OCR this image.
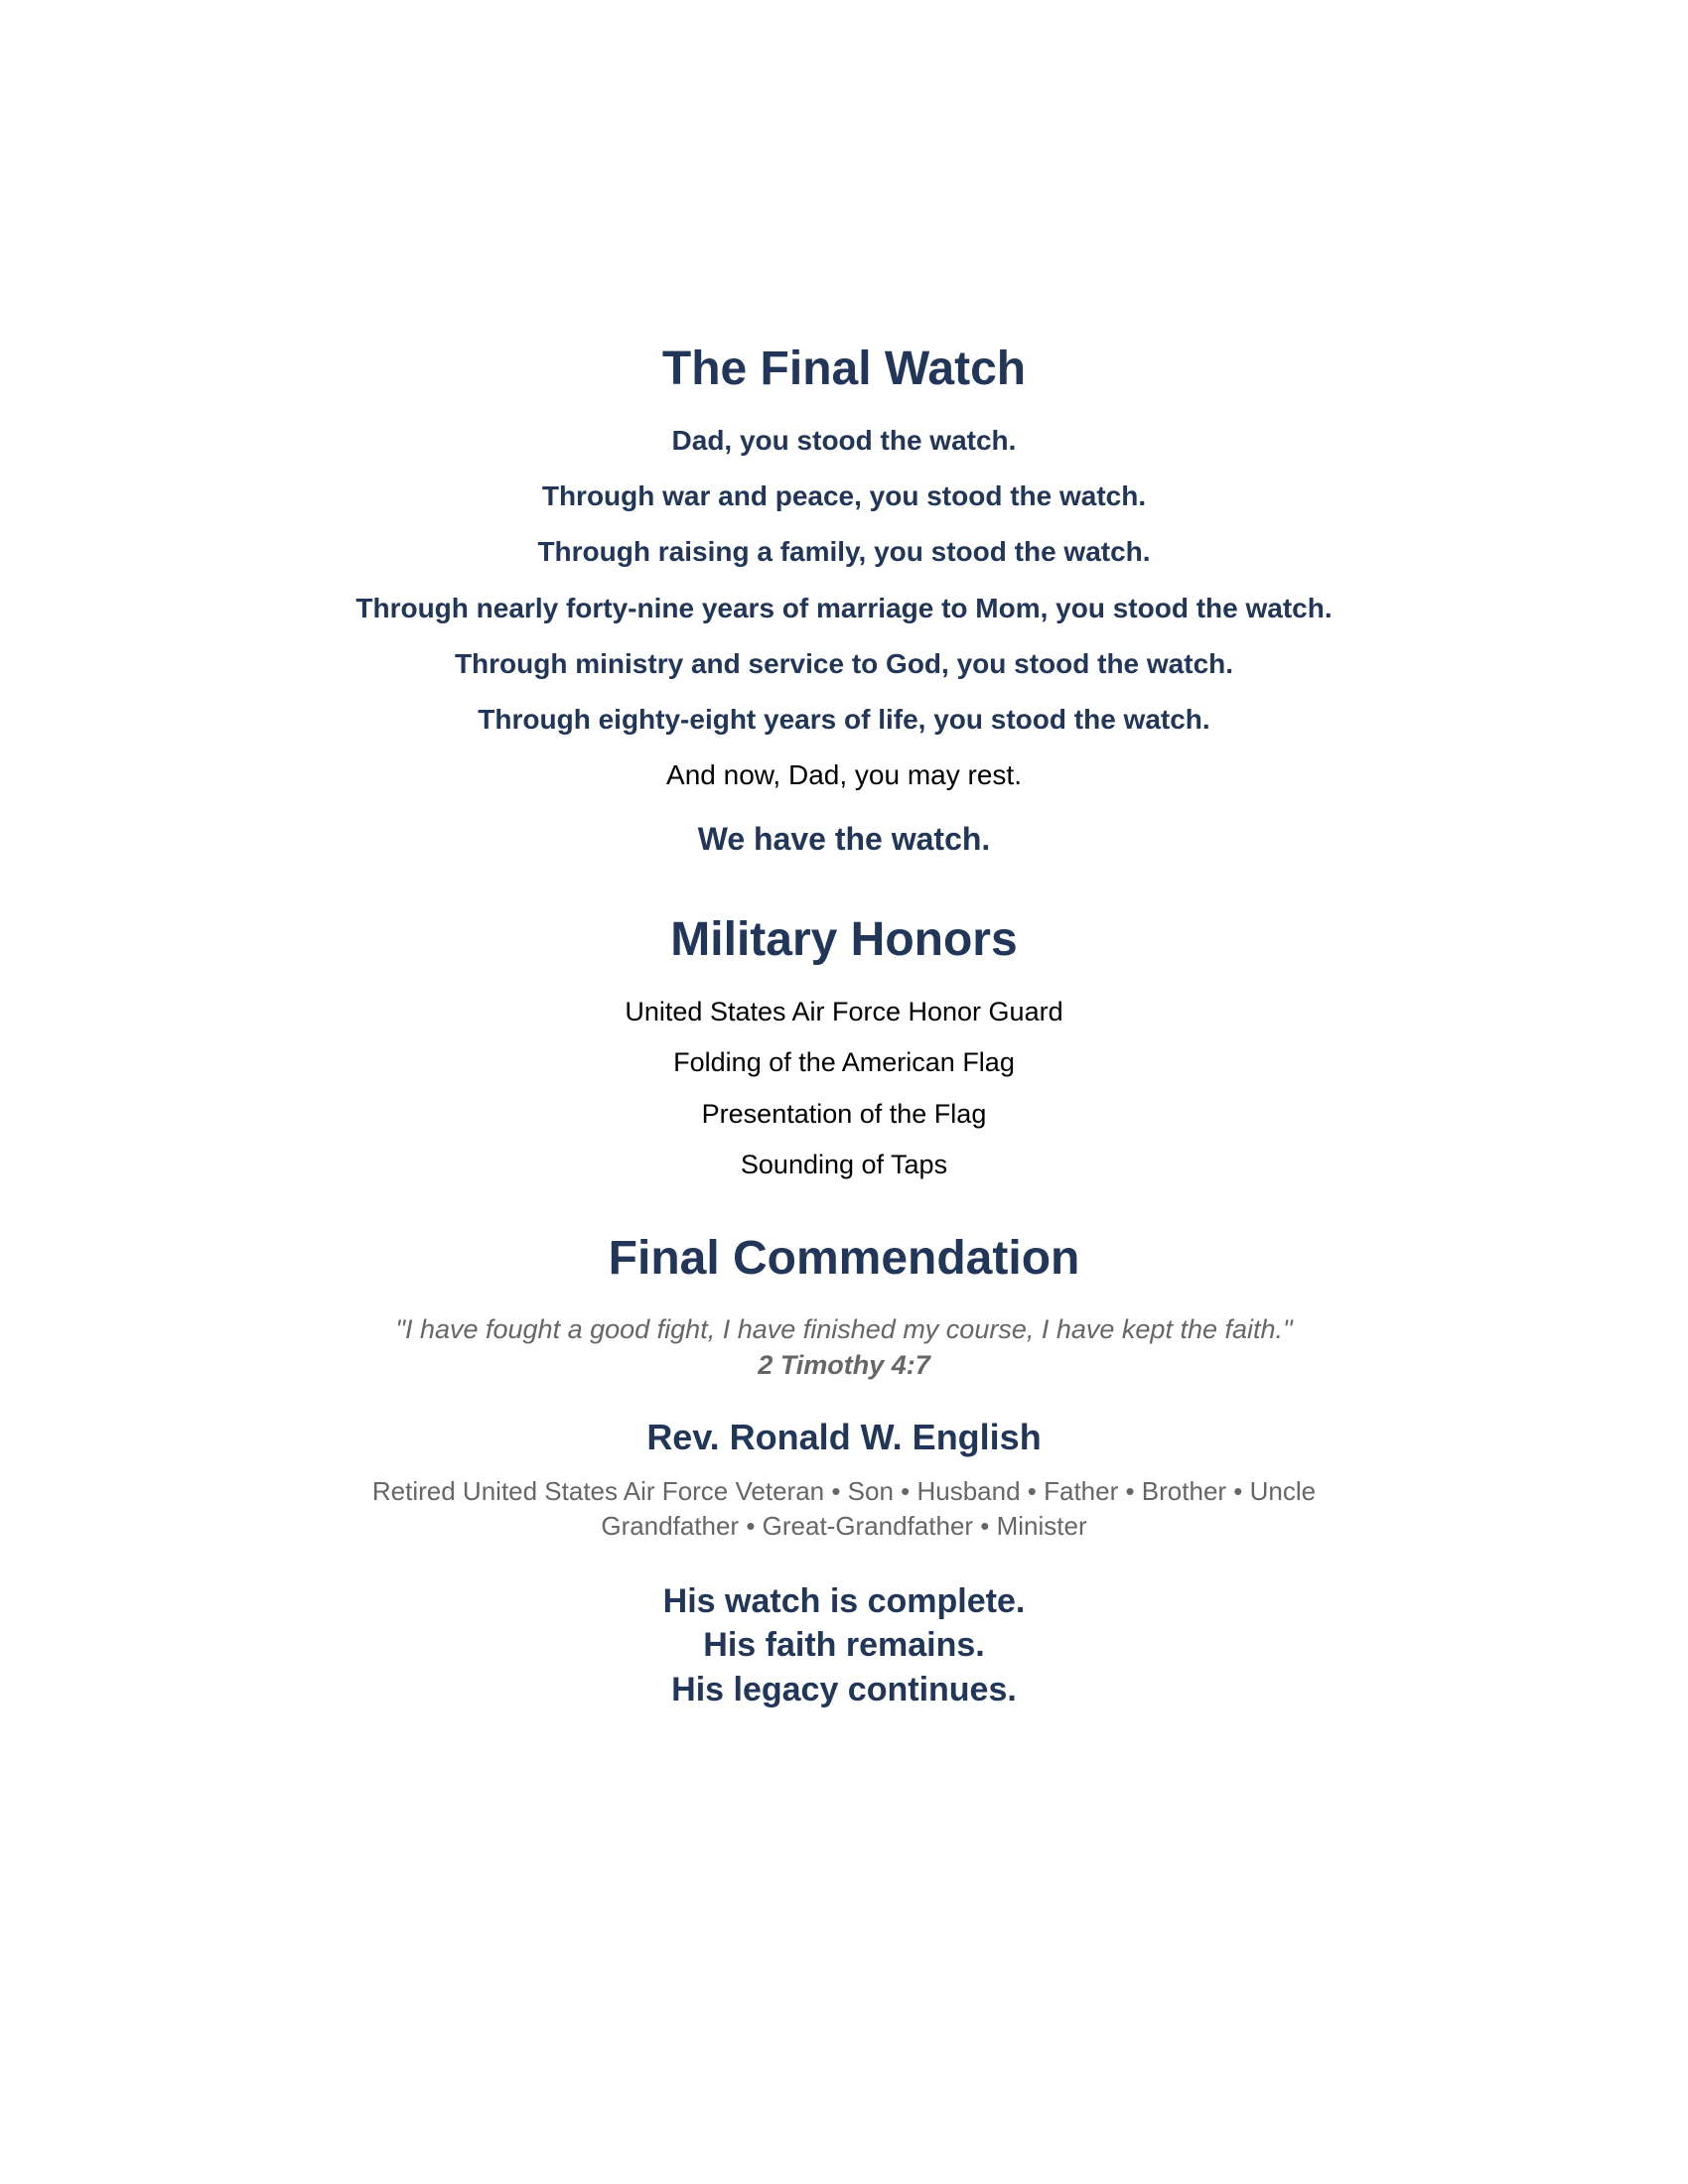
The Final Watch
Dad, you stood the watch.
Through war and peace, you stood the watch.
Through raising a family, you stood the watch.
Through nearly forty-nine years of marriage to Mom, you stood the watch.
Through ministry and service to God, you stood the watch.
Through eighty-eight years of life, you stood the watch.
And now, Dad, you may rest.
We have the watch.
Military Honors
United States Air Force Honor Guard
Folding of the American Flag
Presentation of the Flag
Sounding of Taps
Final Commendation
"I have fought a good fight, I have finished my course, I have kept the faith."
2 Timothy 4:7
Rev. Ronald W. English
Retired United States Air Force Veteran • Son • Husband • Father • Brother • Uncle
Grandfather • Great-Grandfather • Minister
His watch is complete.
His faith remains.
His legacy continues.
